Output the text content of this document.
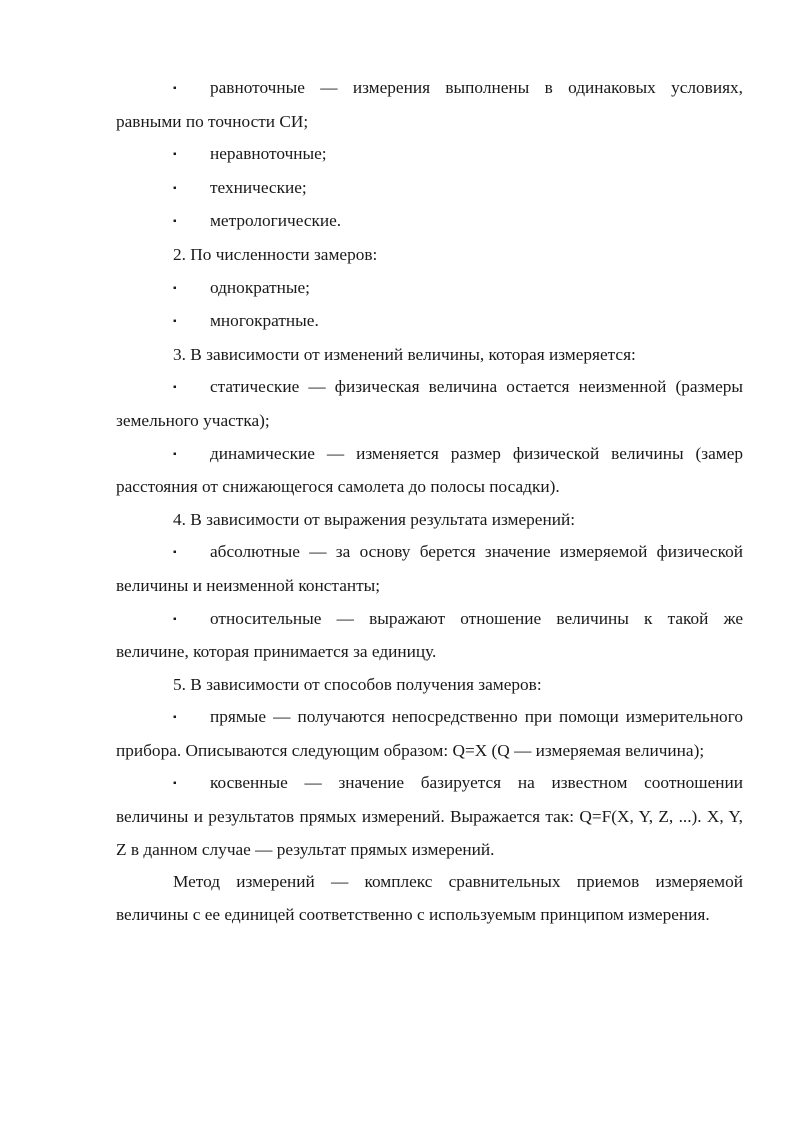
▪ равноточные — измерения выполнены в одинаковых условиях, равными по точности СИ;

▪ неравноточные;

▪ технические;

▪ метрологические.

2. По численности замеров:

▪ однократные;

▪ многократные.

3. В зависимости от изменений величины, которая измеряется:

▪ статические — физическая величина остается неизменной (размеры земельного участка);

▪ динамические — изменяется размер физической величины (замер расстояния от снижающегося самолета до полосы посадки).

4. В зависимости от выражения результата измерений:

▪ абсолютные — за основу берется значение измеряемой физической величины и неизменной константы;

▪ относительные — выражают отношение величины к такой же величине, которая принимается за единицу.

5. В зависимости от способов получения замеров:

▪ прямые — получаются непосредственно при помощи измерительного прибора. Описываются следующим образом: Q=X (Q — измеряемая величина);

▪ косвенные — значение базируется на известном соотношении величины и результатов прямых измерений. Выражается так: Q=F(X, Y, Z, ...). X, Y, Z в данном случае — результат прямых измерений.

Метод измерений — комплекс сравнительных приемов измеряемой величины с ее единицей соответственно с используемым принципом измерения.
